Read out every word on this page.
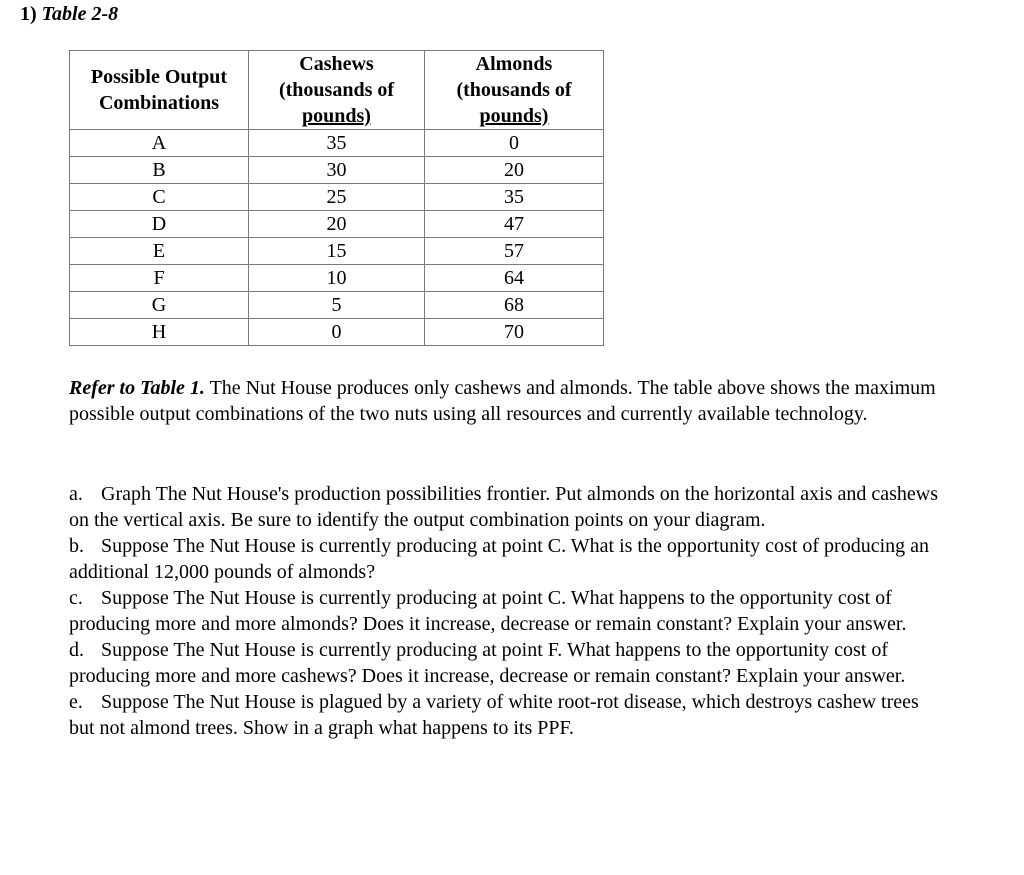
1) Table 2-8
Possible Output
Combinations	Cashews
(thousands of
pounds)	Almonds
(thousands of
pounds)
A	35	0
B	30	20
C	25	35
D	20	47
E	15	57
F	10	64
G	5	68
H	0	70
Refer to Table 1. The Nut House produces only cashews and almonds. The table above shows the maximum possible output combinations of the two nuts using all resources and currently available technology.

a. Graph The Nut House's production possibilities frontier. Put almonds on the horizontal axis and cashews on the vertical axis. Be sure to identify the output combination points on your diagram.

b. Suppose The Nut House is currently producing at point C. What is the opportunity cost of producing an additional 12,000 pounds of almonds?

c. Suppose The Nut House is currently producing at point C. What happens to the opportunity cost of producing more and more almonds? Does it increase, decrease or remain constant? Explain your answer.

d. Suppose The Nut House is currently producing at point F. What happens to the opportunity cost of producing more and more cashews? Does it increase, decrease or remain constant? Explain your answer.

e. Suppose The Nut House is plagued by a variety of white root-rot disease, which destroys cashew trees but not almond trees. Show in a graph what happens to its PPF.
